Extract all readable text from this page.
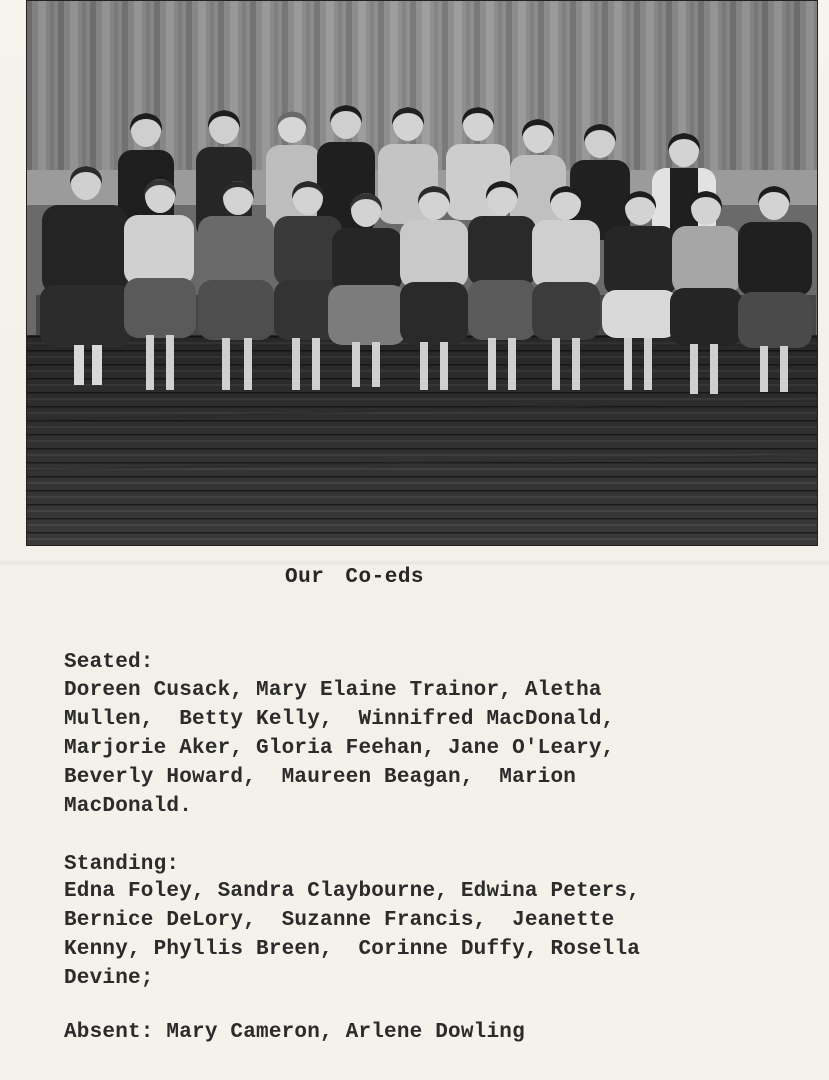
Our Co-eds
Seated:
Doreen Cusack, Mary Elaine Trainor, Aletha
Mullen,  Betty Kelly,  Winnifred MacDonald,
Marjorie Aker, Gloria Feehan, Jane O'Leary,
Beverly Howard,  Maureen Beagan,  Marion
MacDonald.
Standing:
Edna Foley, Sandra Claybourne, Edwina Peters,
Bernice DeLory,  Suzanne Francis,  Jeanette
Kenny, Phyllis Breen,  Corinne Duffy, Rosella
Devine;
Absent: Mary Cameron, Arlene Dowling
